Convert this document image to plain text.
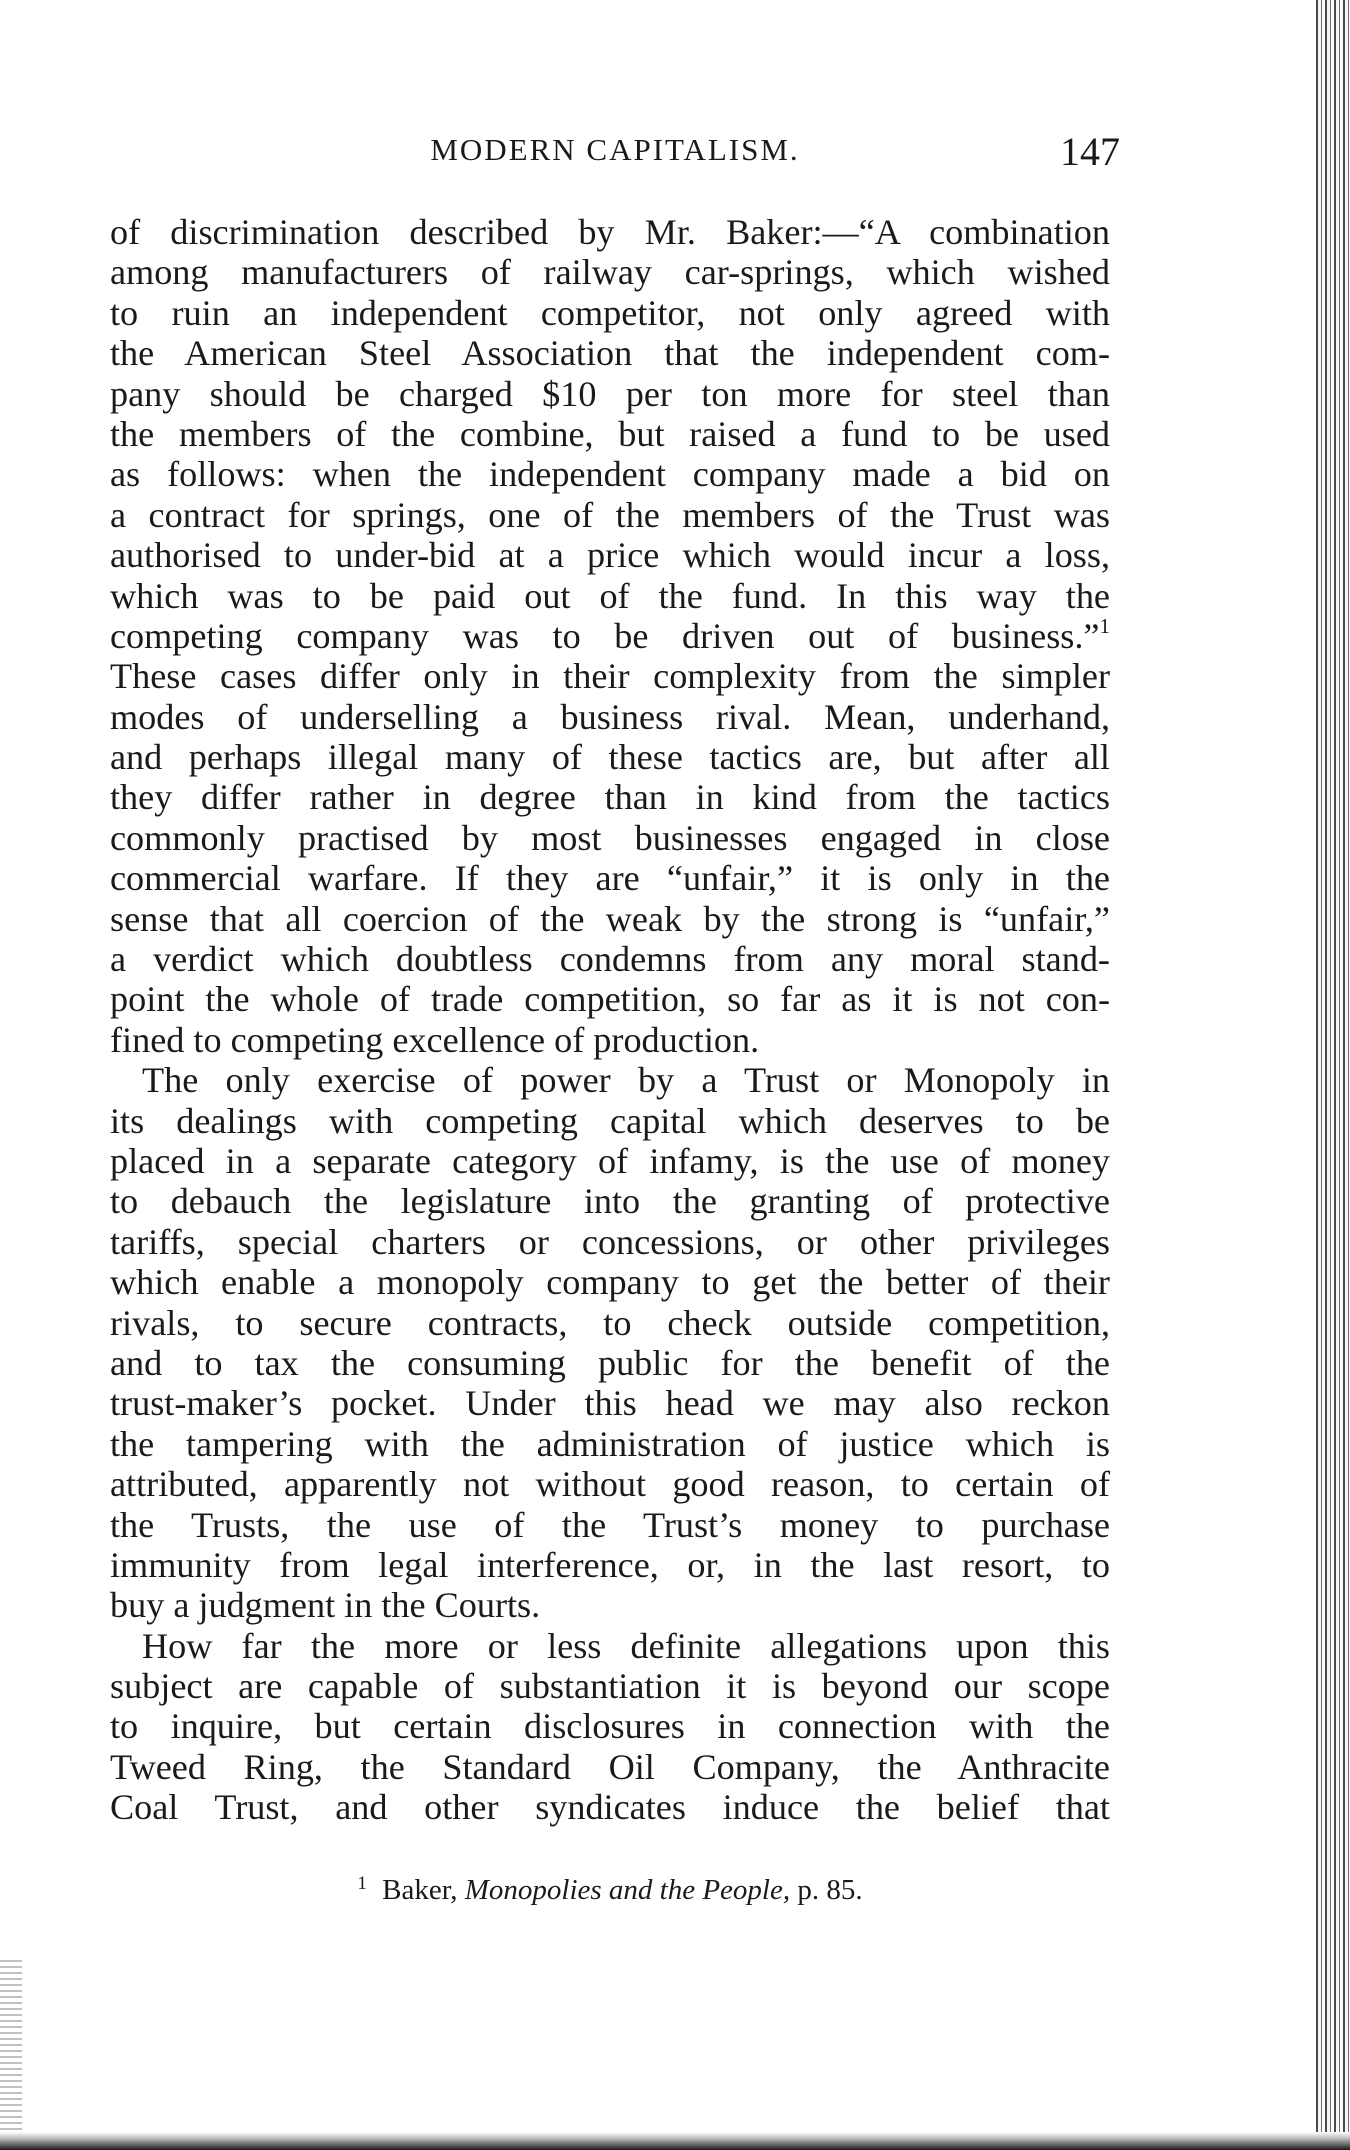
MODERN CAPITALISM.	147
of discrimination described by Mr. Baker:—“A combination
among manufacturers of railway car-springs, which wished
to ruin an independent competitor, not only agreed with
the American Steel Association that the independent com-
pany should be charged $10 per ton more for steel than
the members of the combine, but raised a fund to be used
as follows: when the independent company made a bid on
a contract for springs, one of the members of the Trust was
authorised to under-bid at a price which would incur a loss,
which was to be paid out of the fund. In this way the
competing company was to be driven out of business.”$^1$
These cases differ only in their complexity from the simpler
modes of underselling a business rival. Mean, underhand,
and perhaps illegal many of these tactics are, but after all
they differ rather in degree than in kind from the tactics
commonly practised by most businesses engaged in close
commercial warfare. If they are “unfair,” it is only in the
sense that all coercion of the weak by the strong is “unfair,”
a verdict which doubtless condemns from any moral stand-
point the whole of trade competition, so far as it is not con-
fined to competing excellence of production.
The only exercise of power by a Trust or Monopoly in
its dealings with competing capital which deserves to be
placed in a separate category of infamy, is the use of money
to debauch the legislature into the granting of protective
tariffs, special charters or concessions, or other privileges
which enable a monopoly company to get the better of their
rivals, to secure contracts, to check outside competition,
and to tax the consuming public for the benefit of the
trust-maker’s pocket. Under this head we may also reckon
the tampering with the administration of justice which is
attributed, apparently not without good reason, to certain of
the Trusts, the use of the Trust’s money to purchase
immunity from legal interference, or, in the last resort, to
buy a judgment in the Courts.
How far the more or less definite allegations upon this
subject are capable of substantiation it is beyond our scope
to inquire, but certain disclosures in connection with the
Tweed Ring, the Standard Oil Company, the Anthracite
Coal Trust, and other syndicates induce the belief that
$^1$ Baker, Monopolies and the People, p. 85.
